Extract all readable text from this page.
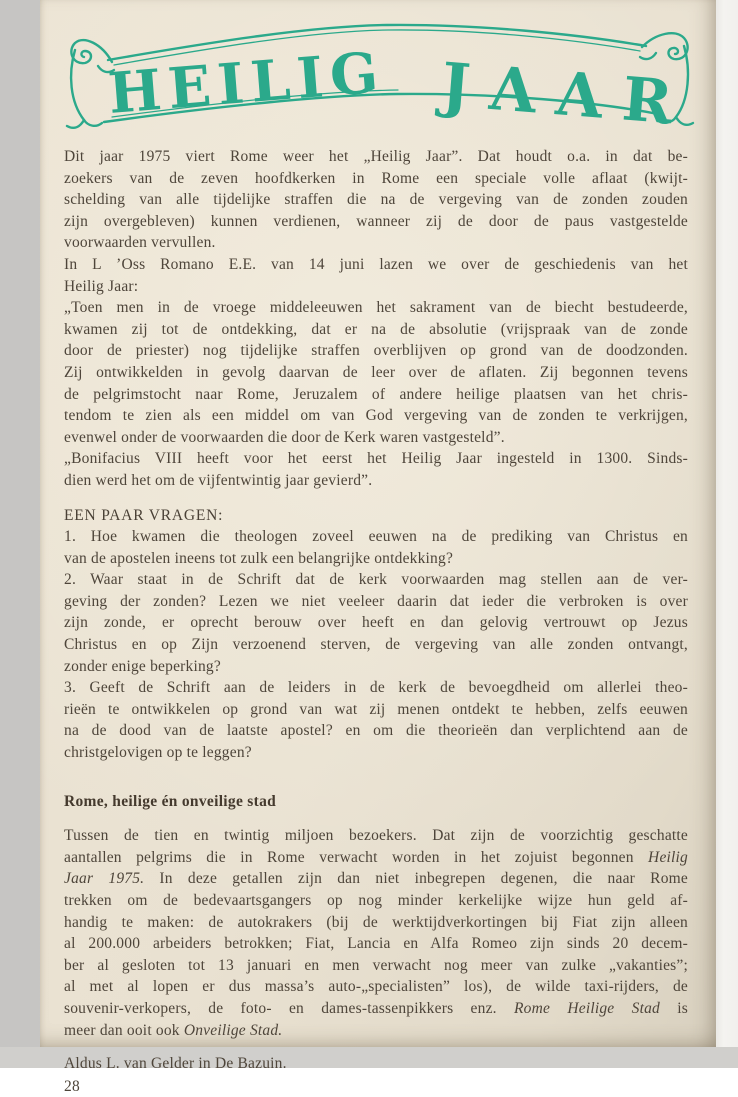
HEILIG JAAR
Dit jaar 1975 viert Rome weer het „Heilig Jaar”. Dat houdt o.a. in dat be-
zoekers van de zeven hoofdkerken in Rome een speciale volle aflaat (kwijt-
schelding van alle tijdelijke straffen die na de vergeving van de zonden zouden
zijn overgebleven) kunnen verdienen, wanneer zij de door de paus vastgestelde
voorwaarden vervullen.
In L ’Oss Romano E.E. van 14 juni lazen we over de geschiedenis van het
Heilig Jaar:
„Toen men in de vroege middeleeuwen het sakrament van de biecht bestudeerde,
kwamen zij tot de ontdekking, dat er na de absolutie (vrijspraak van de zonde
door de priester) nog tijdelijke straffen overblijven op grond van de doodzonden.
Zij ontwikkelden in gevolg daarvan de leer over de aflaten. Zij begonnen tevens
de pelgrimstocht naar Rome, Jeruzalem of andere heilige plaatsen van het chris-
tendom te zien als een middel om van God vergeving van de zonden te verkrijgen,
evenwel onder de voorwaarden die door de Kerk waren vastgesteld”.
„Bonifacius VIII heeft voor het eerst het Heilig Jaar ingesteld in 1300. Sinds-
dien werd het om de vijfentwintig jaar gevierd”.
EEN PAAR VRAGEN:
1. Hoe kwamen die theologen zoveel eeuwen na de prediking van Christus en
van de apostelen ineens tot zulk een belangrijke ontdekking?
2. Waar staat in de Schrift dat de kerk voorwaarden mag stellen aan de ver-
geving der zonden? Lezen we niet veeleer daarin dat ieder die verbroken is over
zijn zonde, er oprecht berouw over heeft en dan gelovig vertrouwt op Jezus
Christus en op Zijn verzoenend sterven, de vergeving van alle zonden ontvangt,
zonder enige beperking?
3. Geeft de Schrift aan de leiders in de kerk de bevoegdheid om allerlei theo-
rieën te ontwikkelen op grond van wat zij menen ontdekt te hebben, zelfs eeuwen
na de dood van de laatste apostel? en om die theorieën dan verplichtend aan de
christgelovigen op te leggen?
Rome, heilige én onveilige stad
Tussen de tien en twintig miljoen bezoekers. Dat zijn de voorzichtig geschatte
aantallen pelgrims die in Rome verwacht worden in het zojuist begonnen Heilig
Jaar 1975. In deze getallen zijn dan niet inbegrepen degenen, die naar Rome
trekken om de bedevaartsgangers op nog minder kerkelijke wijze hun geld af-
handig te maken: de autokrakers (bij de werktijdverkortingen bij Fiat zijn alleen
al 200.000 arbeiders betrokken; Fiat, Lancia en Alfa Romeo zijn sinds 20 decem-
ber al gesloten tot 13 januari en men verwacht nog meer van zulke „vakanties”;
al met al lopen er dus massa’s auto-„specialisten” los), de wilde taxi-rijders, de
souvenir-verkopers, de foto- en dames-tassenpikkers enz. Rome Heilige Stad is
meer dan ooit ook Onveilige Stad.
Aldus L. van Gelder in De Bazuin.
28
